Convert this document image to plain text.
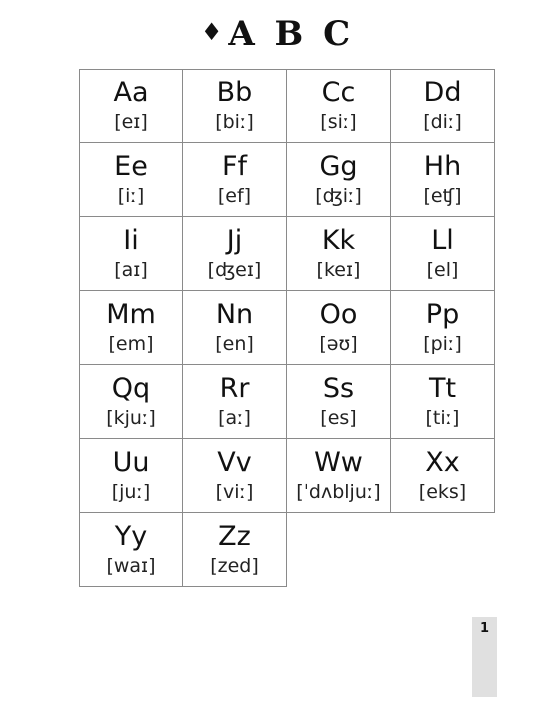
♦ A B C
Aa
[eɪ]
Bb
[biː]
Cc
[siː]
Dd
[diː]
Ee
[iː]
Ff
[ef]
Gg
[ʤiː]
Hh
[eʧ]
Ii
[aɪ]
Jj
[ʤeɪ]
Kk
[keɪ]
Ll
[el]
Mm
[em]
Nn
[en]
Oo
[əʊ]
Pp
[piː]
Qq
[kjuː]
Rr
[aː]
Ss
[es]
Tt
[tiː]
Uu
[juː]
Vv
[viː]
Ww
[ˈdʌbljuː]
Xx
[eks]
Yy
[waɪ]
Zz
[zed]
1
